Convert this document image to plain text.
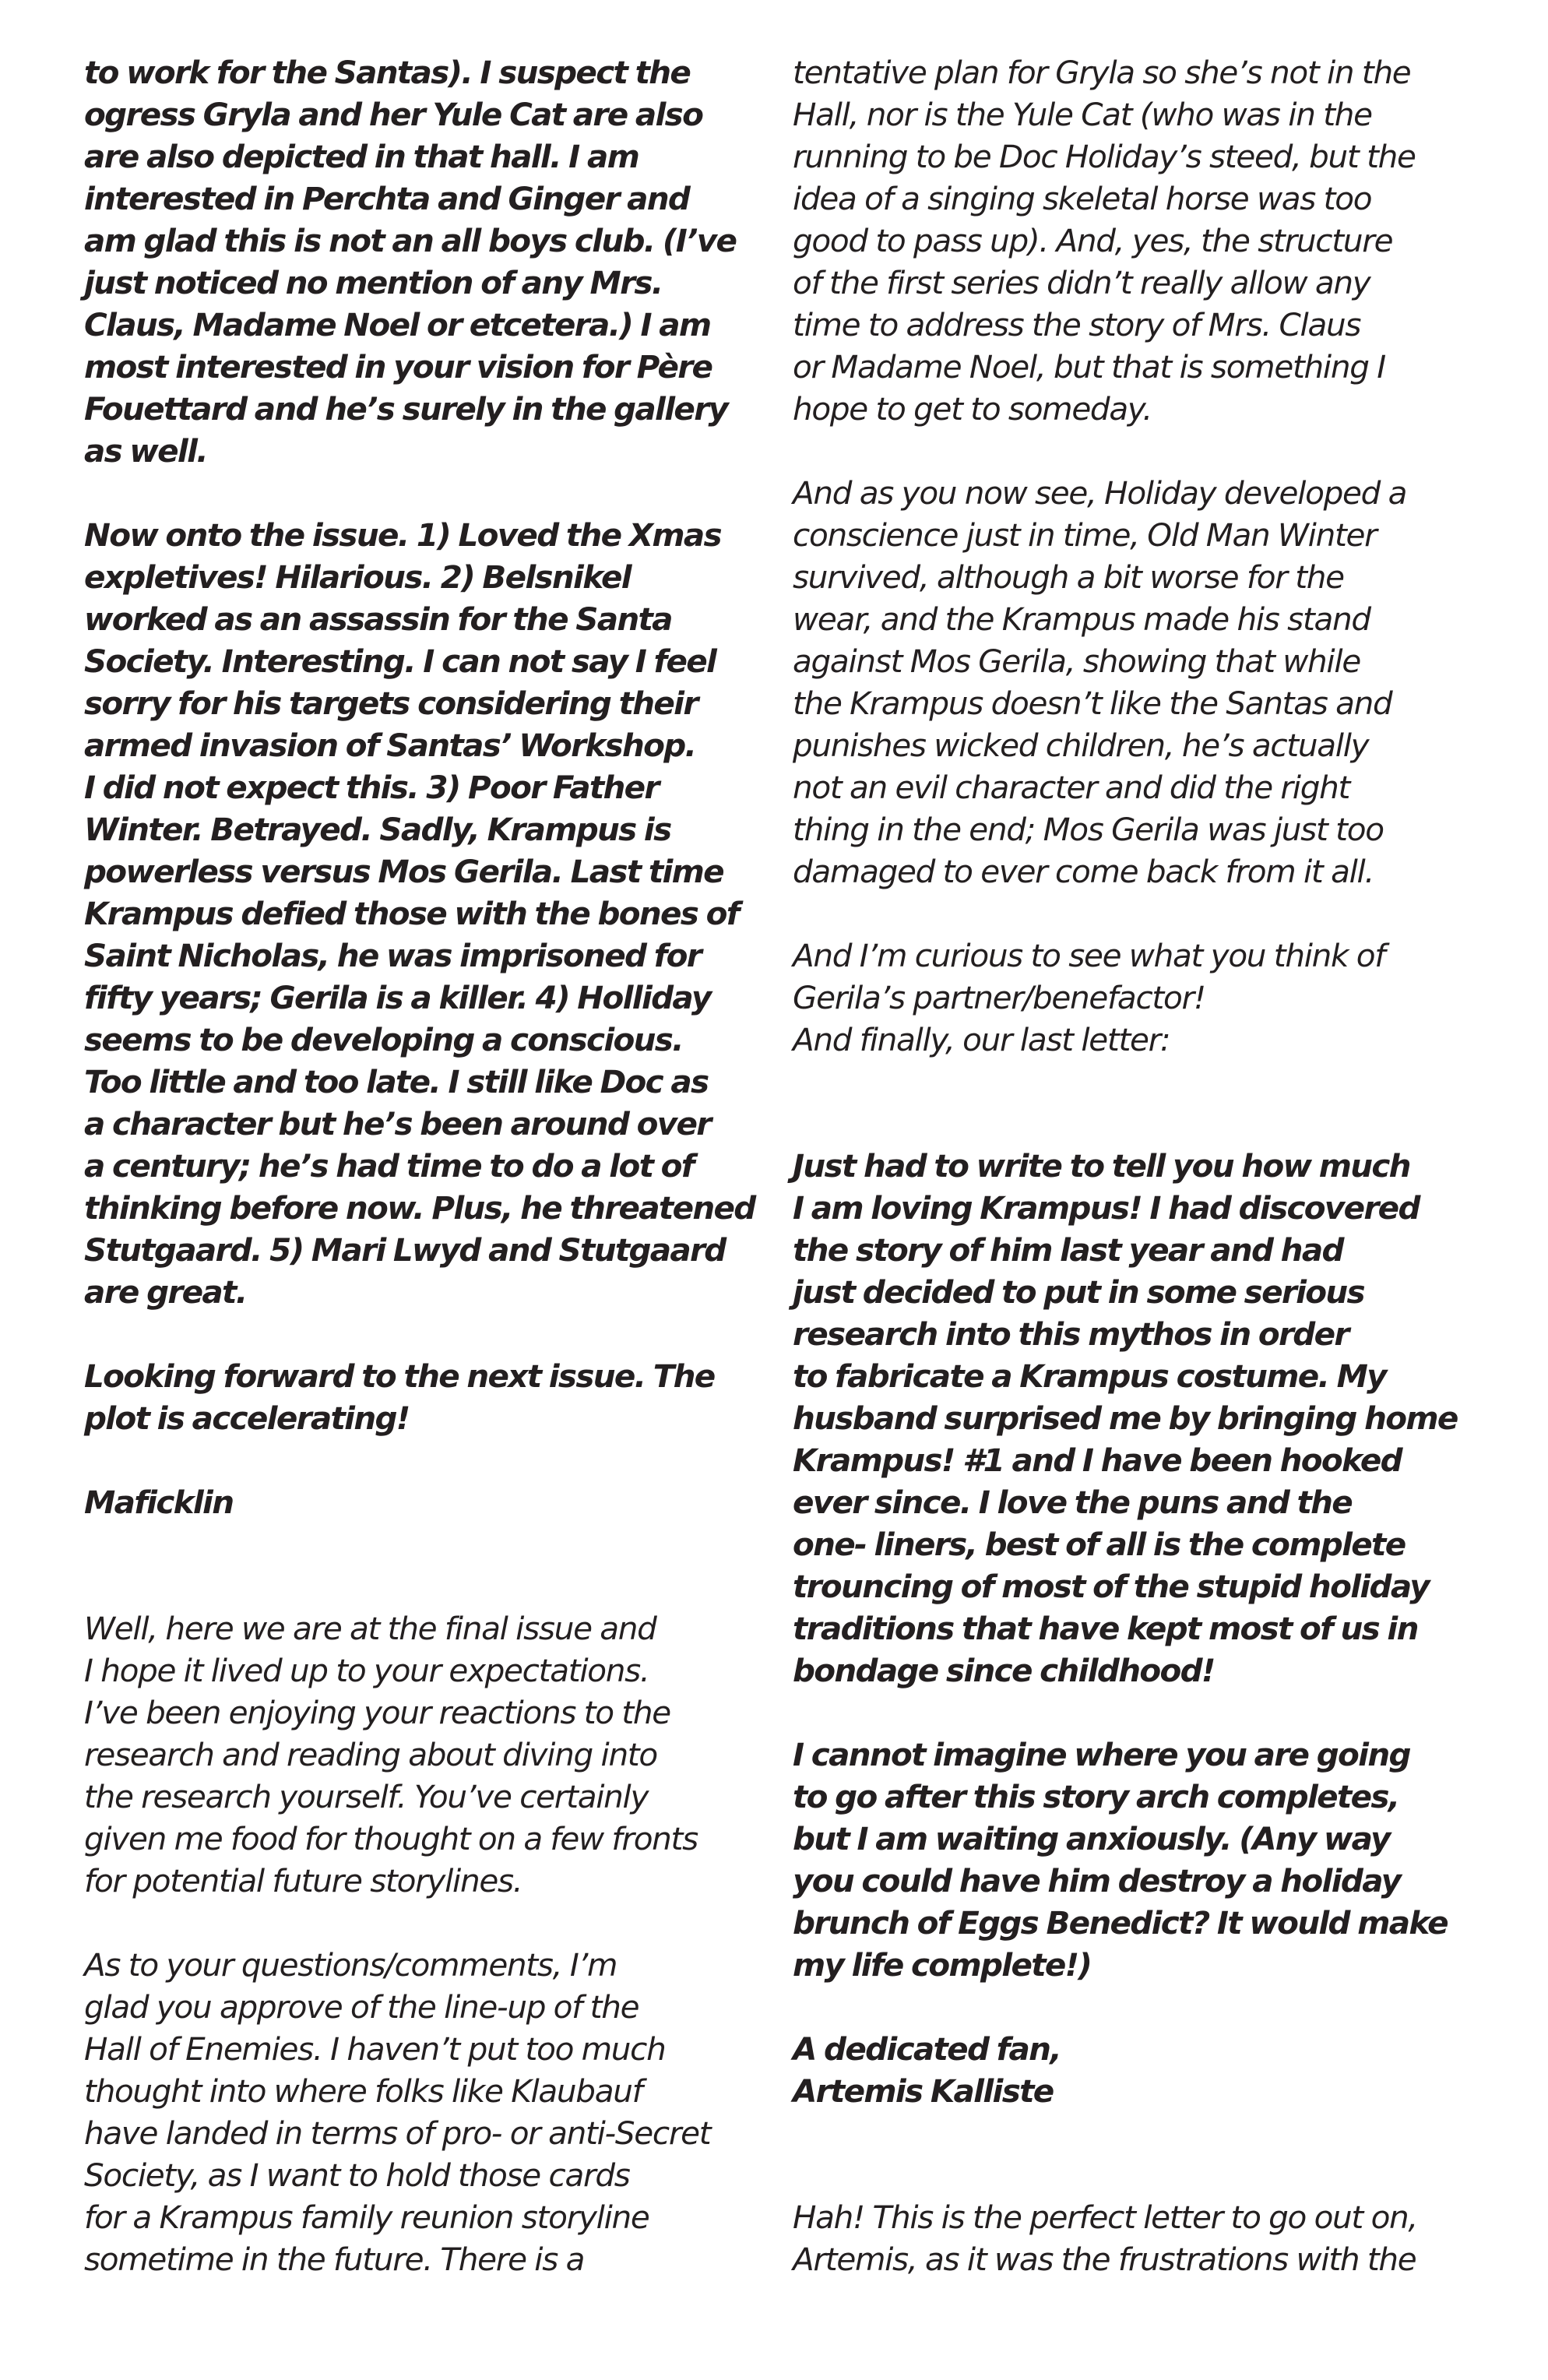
to work for the Santas). I suspect the
ogress Gryla and her Yule Cat are also
are also depicted in that hall. I am
interested in Perchta and Ginger and
am glad this is not an all boys club. (I’ve
just noticed no mention of any Mrs.
Claus, Madame Noel or etcetera.) I am
most interested in your vision for Père
Fouettard and he’s surely in the gallery
as well.
Now onto the issue. 1) Loved the Xmas
expletives! Hilarious. 2) Belsnikel
worked as an assassin for the Santa
Society. Interesting. I can not say I feel
sorry for his targets considering their
armed invasion of Santas’ Workshop.
I did not expect this. 3) Poor Father
Winter. Betrayed. Sadly, Krampus is
powerless versus Mos Gerila. Last time
Krampus defied those with the bones of
Saint Nicholas, he was imprisoned for
fifty years; Gerila is a killer. 4) Holliday
seems to be developing a conscious.
Too little and too late. I still like Doc as
a character but he’s been around over
a century; he’s had time to do a lot of
thinking before now. Plus, he threatened
Stutgaard. 5) Mari Lwyd and Stutgaard
are great.
Looking forward to the next issue. The
plot is accelerating!
Maficklin
Well, here we are at the final issue and
I hope it lived up to your expectations.
I’ve been enjoying your reactions to the
research and reading about diving into
the research yourself. You’ve certainly
given me food for thought on a few fronts
for potential future storylines.
As to your questions/comments, I’m
glad you approve of the line-up of the
Hall of Enemies. I haven’t put too much
thought into where folks like Klaubauf
have landed in terms of pro- or anti-Secret
Society, as I want to hold those cards
for a Krampus family reunion storyline
sometime in the future. There is a
tentative plan for Gryla so she’s not in the
Hall, nor is the Yule Cat (who was in the
running to be Doc Holiday’s steed, but the
idea of a singing skeletal horse was too
good to pass up). And, yes, the structure
of the first series didn’t really allow any
time to address the story of Mrs. Claus
or Madame Noel, but that is something I
hope to get to someday.
And as you now see, Holiday developed a
conscience just in time, Old Man Winter
survived, although a bit worse for the
wear, and the Krampus made his stand
against Mos Gerila, showing that while
the Krampus doesn’t like the Santas and
punishes wicked children, he’s actually
not an evil character and did the right
thing in the end; Mos Gerila was just too
damaged to ever come back from it all.
And I’m curious to see what you think of
Gerila’s partner/benefactor!
And finally, our last letter:
Just had to write to tell you how much
I am loving Krampus! I had discovered
the story of him last year and had
just decided to put in some serious
research into this mythos in order
to fabricate a Krampus costume. My
husband surprised me by bringing home
Krampus! #1 and I have been hooked
ever since. I love the puns and the
one- liners, best of all is the complete
trouncing of most of the stupid holiday
traditions that have kept most of us in
bondage since childhood!
I cannot imagine where you are going
to go after this story arch completes,
but I am waiting anxiously. (Any way
you could have him destroy a holiday
brunch of Eggs Benedict? It would make
my life complete!)
A dedicated fan,
Artemis Kalliste
Hah! This is the perfect letter to go out on,
Artemis, as it was the frustrations with the
